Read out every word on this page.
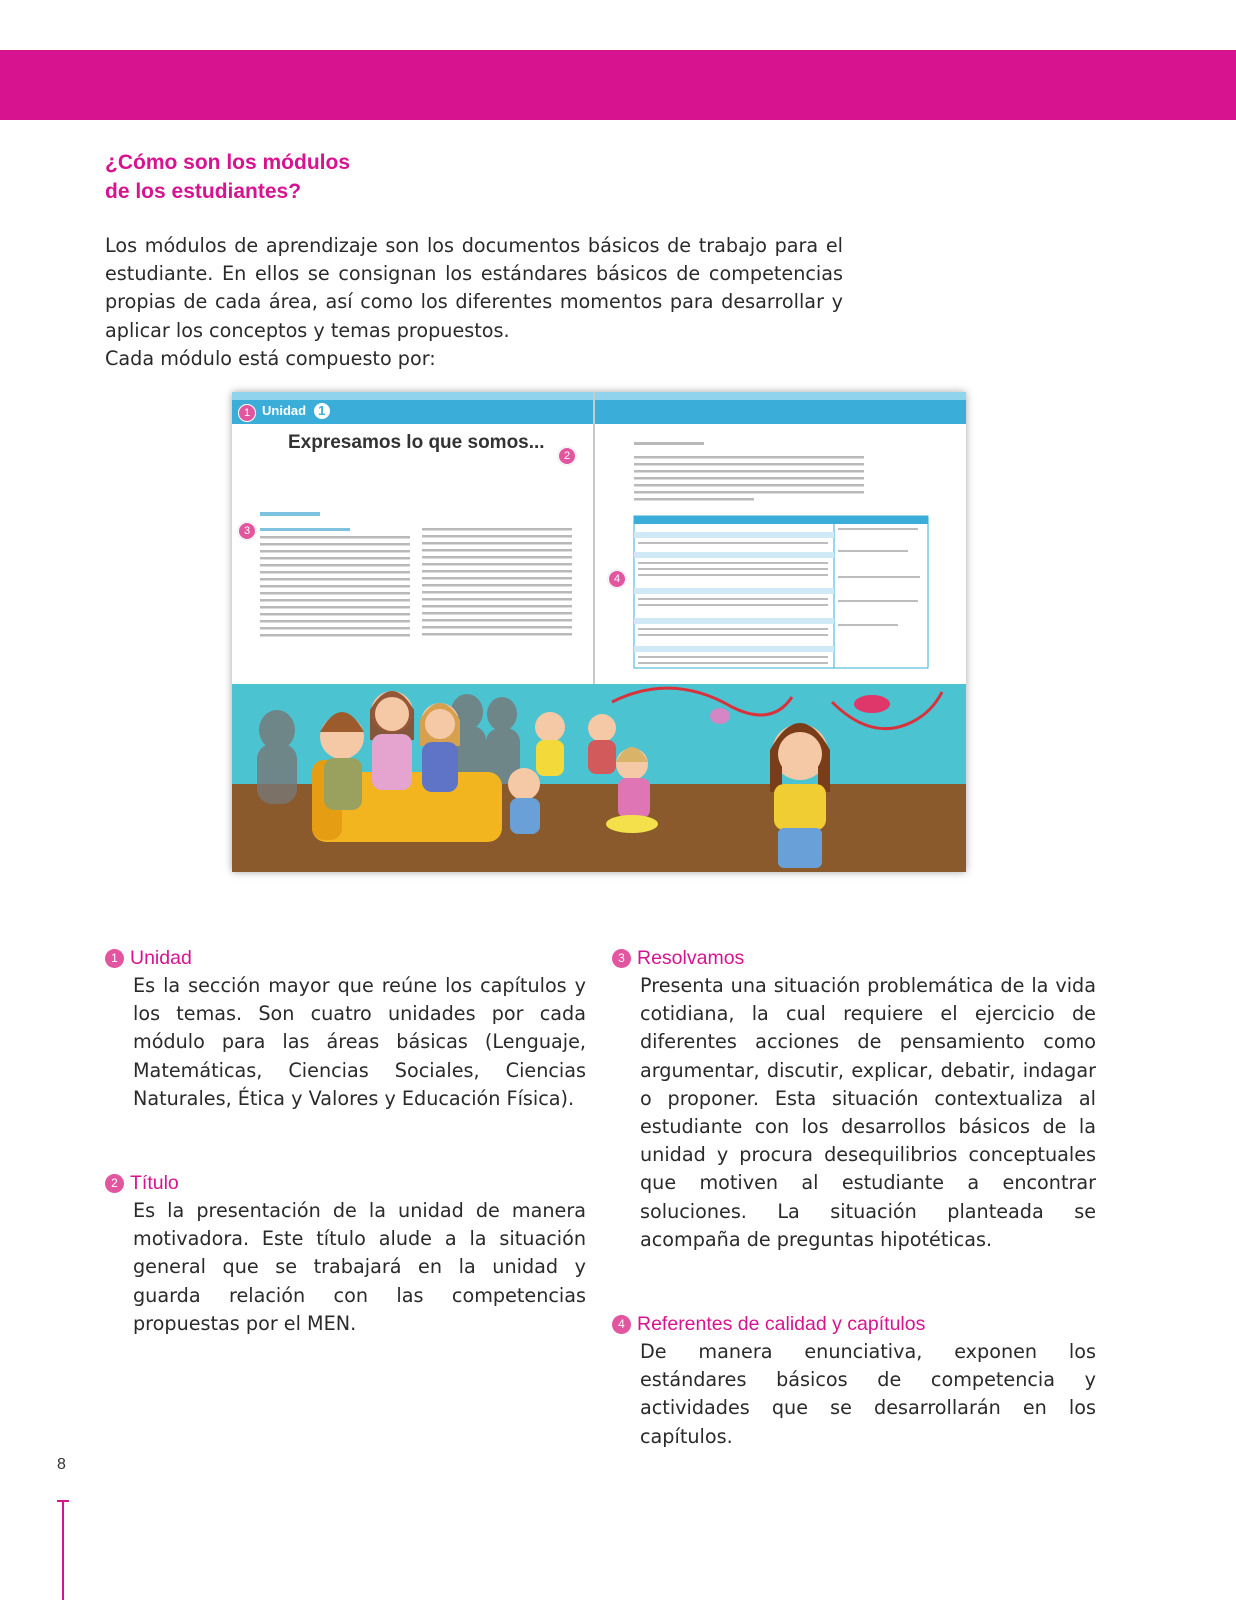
¿Cómo son los módulos
de los estudiantes?

Los módulos de aprendizaje son los documentos básicos de trabajo para el estudiante. En ellos se consignan los estándares básicos de competencias propias de cada área, así como los diferentes momentos para desarrollar y aplicar los conceptos y temas propuestos.

Cada módulo está compuesto por:

Unidad 1
Expresamos lo que somos...
1
2
3
4
1 Unidad

Es la sección mayor que reúne los capítulos y los temas. Son cuatro unidades por cada módulo para las áreas básicas (Lenguaje, Matemáticas, Ciencias Sociales, Ciencias Naturales, Ética y Valores y Educación Física).

2 Título

Es la presentación de la unidad de manera motivadora. Este título alude a la situación general que se trabajará en la unidad y guarda relación con las competencias propuestas por el MEN.

3 Resolvamos

Presenta una situación problemática de la vida cotidiana, la cual requiere el ejercicio de diferentes acciones de pensamiento como argumentar, discutir, explicar, debatir, indagar o proponer. Esta situación contextualiza al estudiante con los desarrollos básicos de la unidad y procura desequilibrios conceptuales que motiven al estudiante a encontrar soluciones. La situación planteada se acompaña de preguntas hipotéticas.

4 Referentes de calidad y capítulos

De manera enunciativa, exponen los estándares básicos de competencia y actividades que se desarrollarán en los capítulos.

8
